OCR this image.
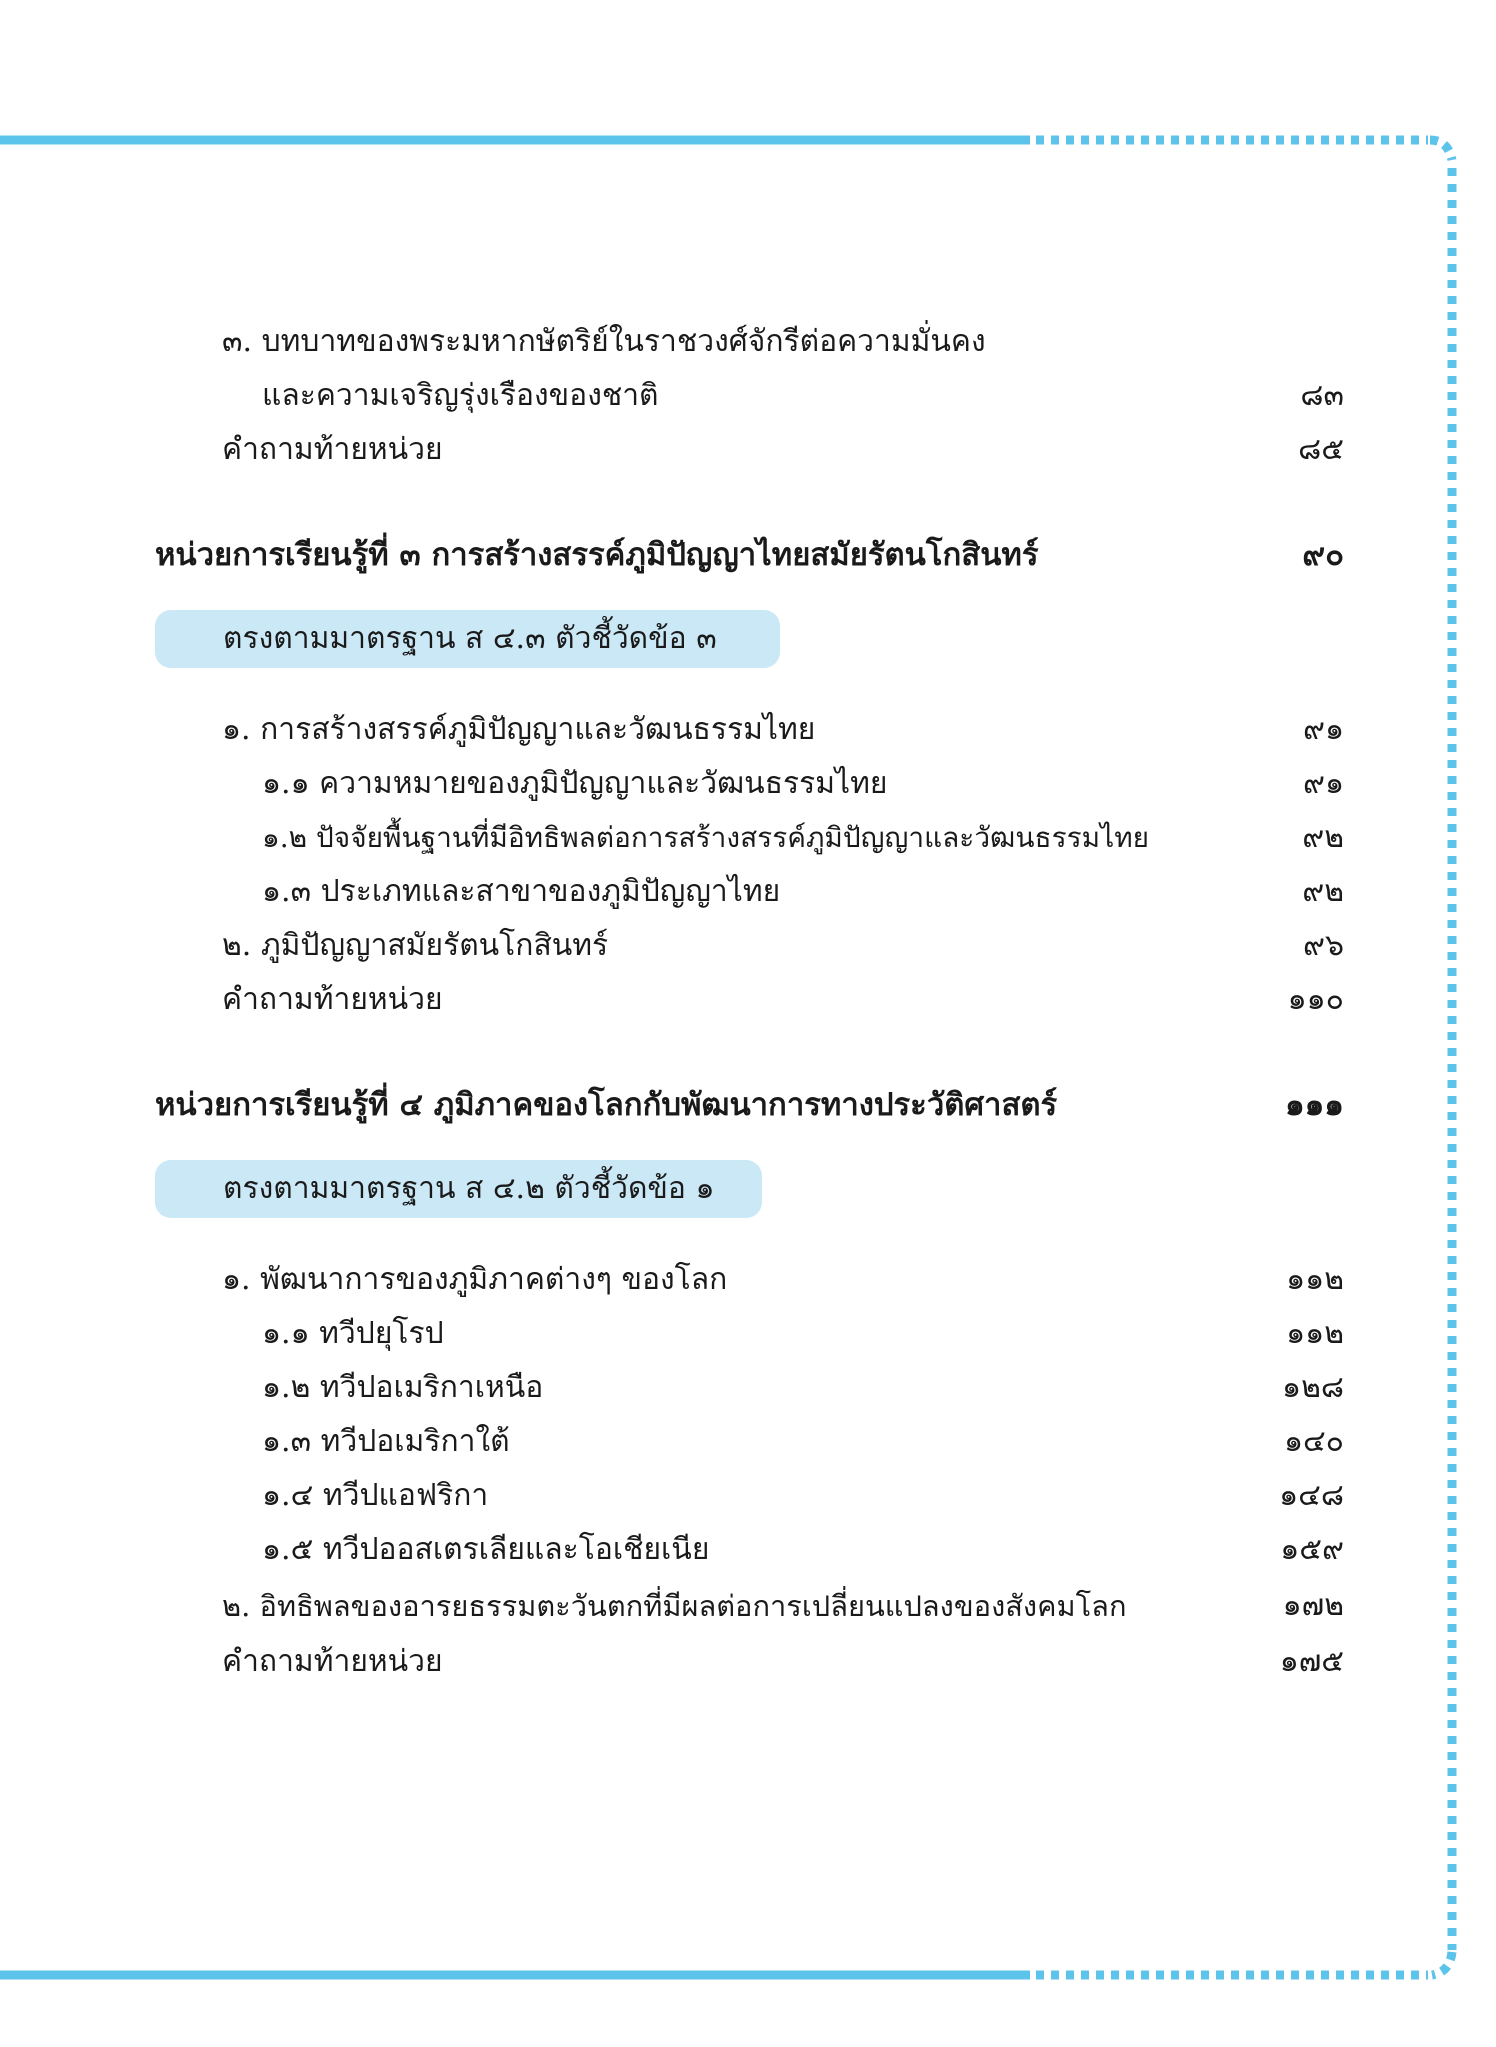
๓. บทบาทของพระมหากษัตริย์ในราชวงศ์จักรีต่อความมั่นคง
และความเจริญรุ่งเรืองของชาติ	๘๓
คำถามท้ายหน่วย	๘๕
หน่วยการเรียนรู้ที่ ๓ การสร้างสรรค์ภูมิปัญญาไทยสมัยรัตนโกสินทร์	๙๐
ตรงตามมาตรฐาน ส ๔.๓ ตัวชี้วัดข้อ ๓
๑. การสร้างสรรค์ภูมิปัญญาและวัฒนธรรมไทย	๙๑
๑.๑ ความหมายของภูมิปัญญาและวัฒนธรรมไทย	๙๑
๑.๒ ปัจจัยพื้นฐานที่มีอิทธิพลต่อการสร้างสรรค์ภูมิปัญญาและวัฒนธรรมไทย	๙๒
๑.๓ ประเภทและสาขาของภูมิปัญญาไทย	๙๒
๒. ภูมิปัญญาสมัยรัตนโกสินทร์	๙๖
คำถามท้ายหน่วย	๑๑๐
หน่วยการเรียนรู้ที่ ๔ ภูมิภาคของโลกกับพัฒนาการทางประวัติศาสตร์	๑๑๑
ตรงตามมาตรฐาน ส ๔.๒ ตัวชี้วัดข้อ ๑
๑. พัฒนาการของภูมิภาคต่างๆ ของโลก	๑๑๒
๑.๑ ทวีปยุโรป	๑๑๒
๑.๒ ทวีปอเมริกาเหนือ	๑๒๘
๑.๓ ทวีปอเมริกาใต้	๑๔๐
๑.๔ ทวีปแอฟริกา	๑๔๘
๑.๕ ทวีปออสเตรเลียและโอเชียเนีย	๑๕๙
๒. อิทธิพลของอารยธรรมตะวันตกที่มีผลต่อการเปลี่ยนแปลงของสังคมโลก	๑๗๒
คำถามท้ายหน่วย	๑๗๕
